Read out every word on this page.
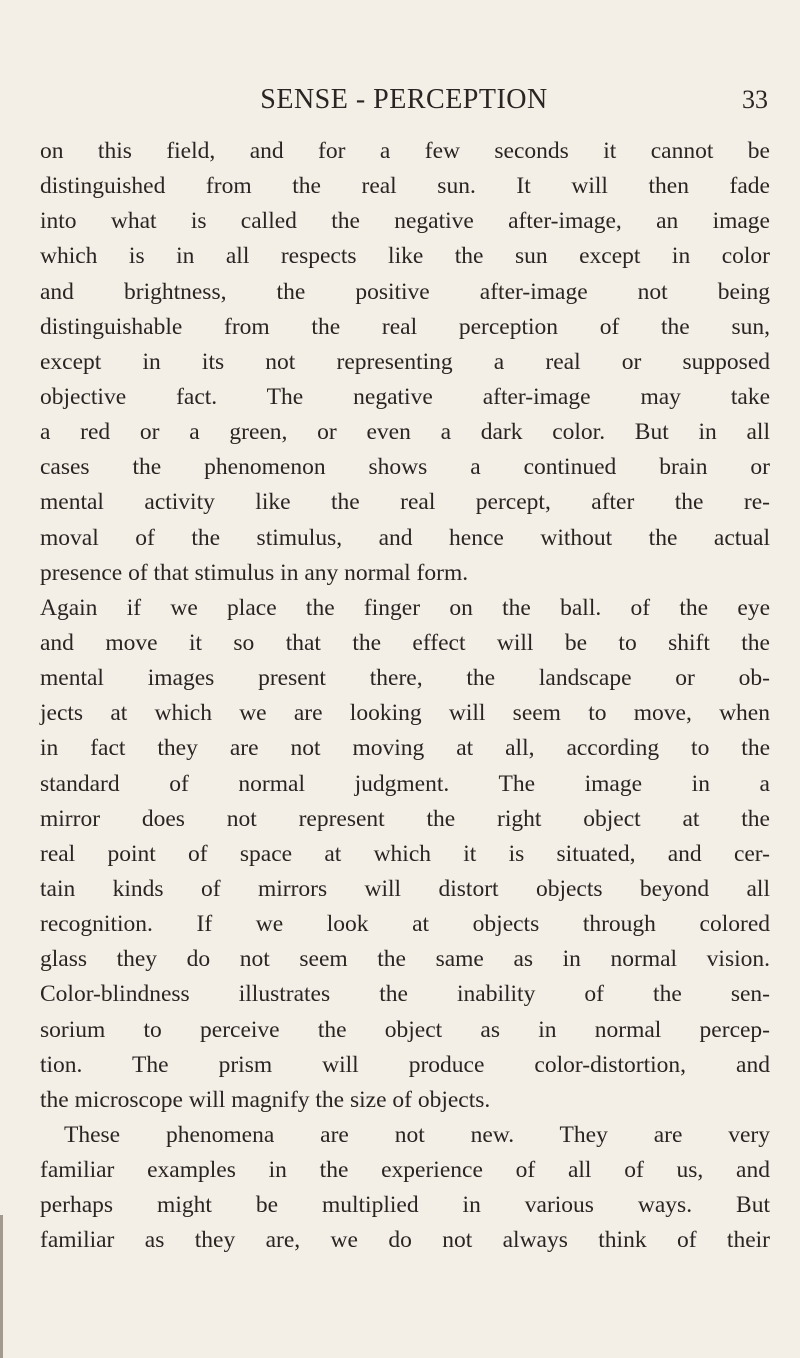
SENSE - PERCEPTION	33
on this field, and for a few seconds it cannot be
distinguished from the real sun. It will then fade
into what is called the negative after-image, an image
which is in all respects like the sun except in color
and brightness, the positive after-image not being
distinguishable from the real perception of the sun,
except in its not representing a real or supposed
objective fact. The negative after-image may take
a red or a green, or even a dark color. But in all
cases the phenomenon shows a continued brain or
mental activity like the real percept, after the re-
moval of the stimulus, and hence without the actual
presence of that stimulus in any normal form.
Again if we place the finger on the ball. of the eye
and move it so that the effect will be to shift the
mental images present there, the landscape or ob-
jects at which we are looking will seem to move, when
in fact they are not moving at all, according to the
standard of normal judgment. The image in a
mirror does not represent the right object at the
real point of space at which it is situated, and cer-
tain kinds of mirrors will distort objects beyond all
recognition. If we look at objects through colored
glass they do not seem the same as in normal vision.
Color-blindness illustrates the inability of the sen-
sorium to perceive the object as in normal percep-
tion. The prism will produce color-distortion, and
the microscope will magnify the size of objects.
These phenomena are not new. They are very
familiar examples in the experience of all of us, and
perhaps might be multiplied in various ways. But
familiar as they are, we do not always think of their
